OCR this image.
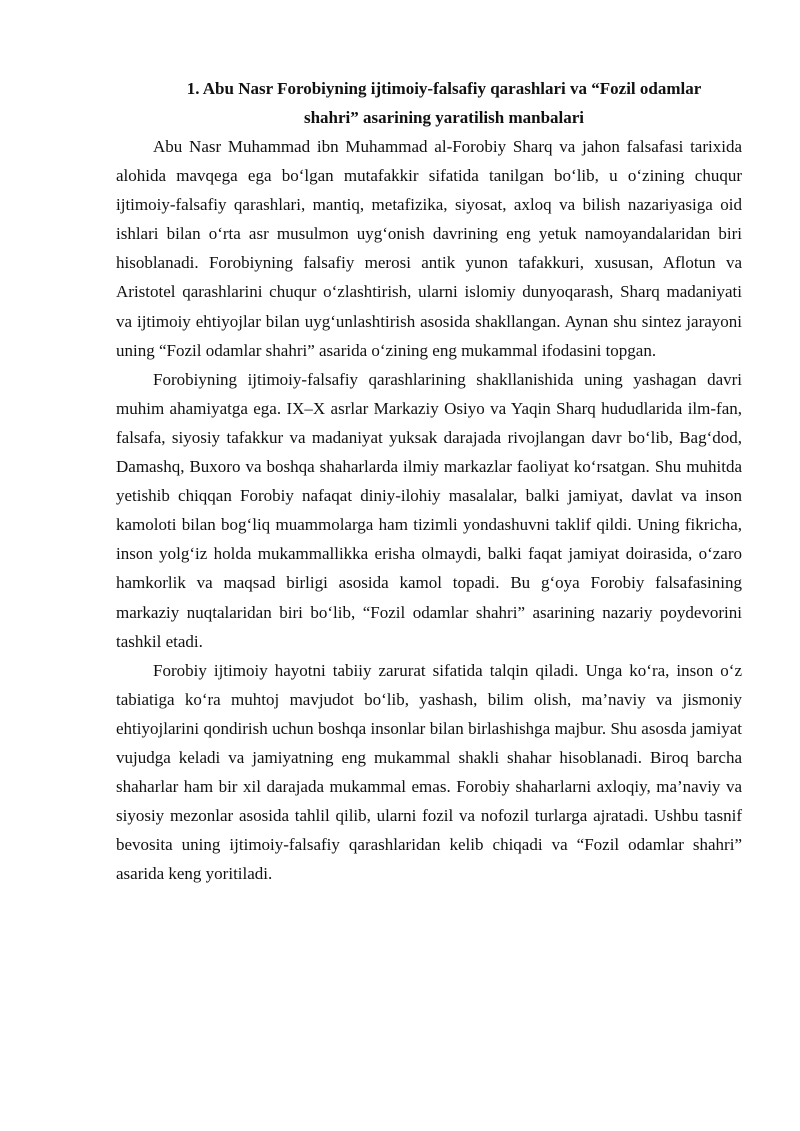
1. Abu Nasr Forobiyning ijtimoiy-falsafiy qarashlari va “Fozil odamlar
shahri” asarining yaratilish manbalari

Abu Nasr Muhammad ibn Muhammad al-Forobiy Sharq va jahon falsafasi tarixida alohida mavqega ega bo‘lgan mutafakkir sifatida tanilgan bo‘lib, u o‘zining chuqur ijtimoiy-falsafiy qarashlari, mantiq, metafizika, siyosat, axloq va bilish nazariyasiga oid ishlari bilan o‘rta asr musulmon uyg‘onish davrining eng yetuk namoyandalaridan biri hisoblanadi. Forobiyning falsafiy merosi antik yunon tafakkuri, xususan, Aflotun va Aristotel qarashlarini chuqur o‘zlashtirish, ularni islomiy dunyoqarash, Sharq madaniyati va ijtimoiy ehtiyojlar bilan uyg‘unlashtirish asosida shakllangan. Aynan shu sintez jarayoni uning “Fozil odamlar shahri” asarida o‘zining eng mukammal ifodasini topgan.

Forobiyning ijtimoiy-falsafiy qarashlarining shakllanishida uning yashagan davri muhim ahamiyatga ega. IX–X asrlar Markaziy Osiyo va Yaqin Sharq hududlarida ilm-fan, falsafa, siyosiy tafakkur va madaniyat yuksak darajada rivojlangan davr bo‘lib, Bag‘dod, Damashq, Buxoro va boshqa shaharlarda ilmiy markazlar faoliyat ko‘rsatgan. Shu muhitda yetishib chiqqan Forobiy nafaqat diniy-ilohiy masalalar, balki jamiyat, davlat va inson kamoloti bilan bog‘liq muammolarga ham tizimli yondashuvni taklif qildi. Uning fikricha, inson yolg‘iz holda mukammallikka erisha olmaydi, balki faqat jamiyat doirasida, o‘zaro hamkorlik va maqsad birligi asosida kamol topadi. Bu g‘oya Forobiy falsafasining markaziy nuqtalaridan biri bo‘lib, “Fozil odamlar shahri” asarining nazariy poydevorini tashkil etadi.

Forobiy ijtimoiy hayotni tabiiy zarurat sifatida talqin qiladi. Unga ko‘ra, inson o‘z tabiatiga ko‘ra muhtoj mavjudot bo‘lib, yashash, bilim olish, ma’naviy va jismoniy ehtiyojlarini qondirish uchun boshqa insonlar bilan birlashishga majbur. Shu asosda jamiyat vujudga keladi va jamiyatning eng mukammal shakli shahar hisoblanadi. Biroq barcha shaharlar ham bir xil darajada mukammal emas. Forobiy shaharlarni axloqiy, ma’naviy va siyosiy mezonlar asosida tahlil qilib, ularni fozil va nofozil turlarga ajratadi. Ushbu tasnif bevosita uning ijtimoiy-falsafiy qarashlaridan kelib chiqadi va “Fozil odamlar shahri” asarida keng yoritiladi.
